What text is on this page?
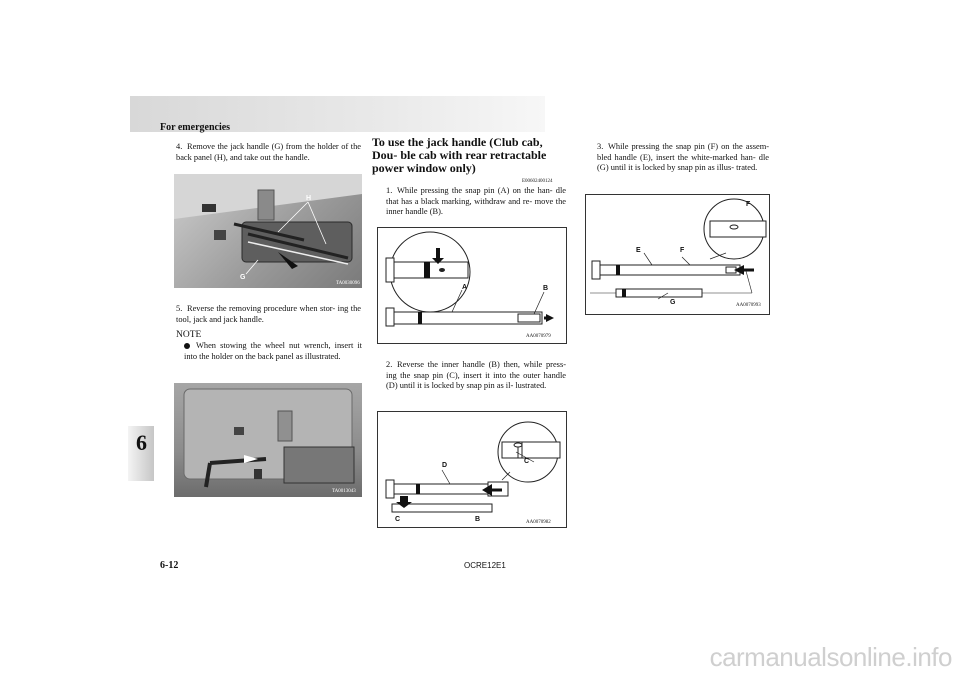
For emergencies
6
4. Remove the jack handle (G) from the holder of the back panel (H), and take out the handle.
H
G
TA0030096
5. Reverse the removing procedure when stor- ing the tool, jack and jack handle.
NOTE
When stowing the wheel nut wrench, insert it into the holder on the back panel as illustrated.
TA0013043
To use the jack handle (Club cab, Dou- ble cab with rear retractable power window only)
E00602400124
1. While pressing the snap pin (A) on the han- dle that has a black marking, withdraw and re- move the inner handle (B).
A	B
AA0070979
2. Reverse the inner handle (B) then, while press- ing the snap pin (C), insert it into the outer handle (D) until it is locked by snap pin as il- lustrated.
D
C
C	B	AA0070982
3. While pressing the snap pin (F) on the assem- bled handle (E), insert the white-marked han- dle (G) until it is locked by snap pin as illus- trated.
F
E	F
G	AA0070993
6-12	OCRE12E1
carmanualsonline.info
